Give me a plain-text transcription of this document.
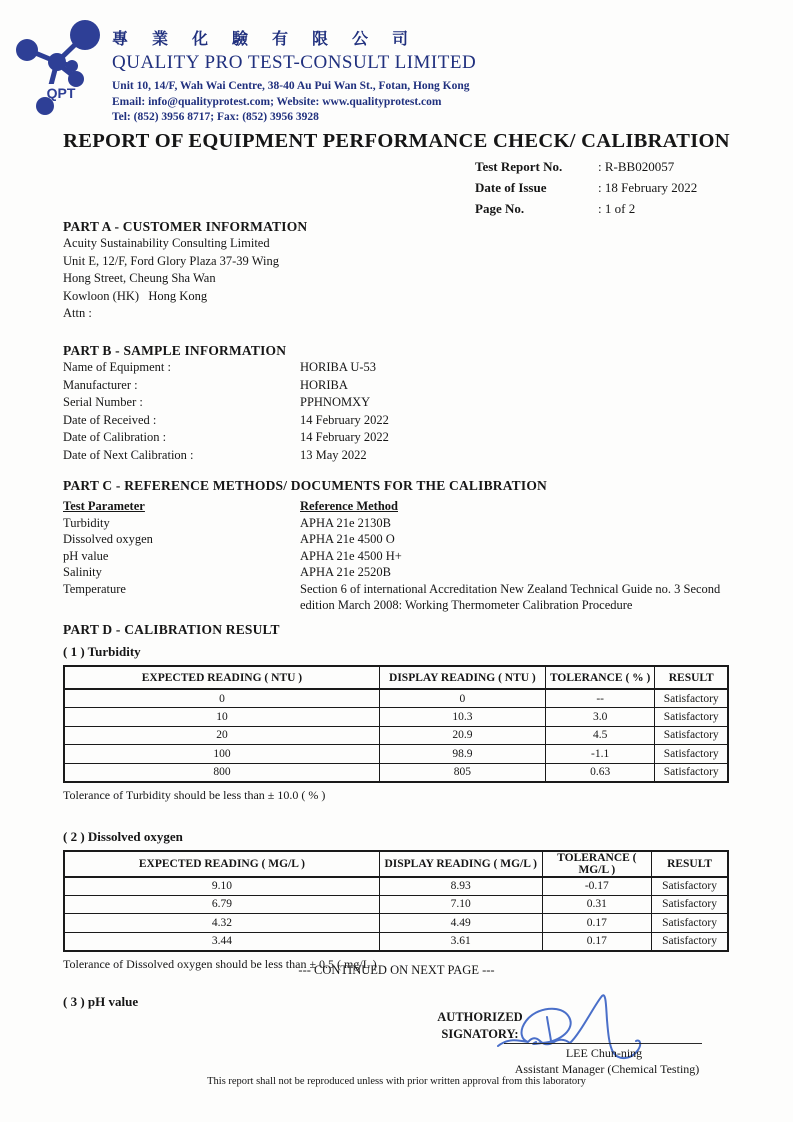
QPT
專 業 化 驗 有 限 公 司
QUALITY PRO TEST-CONSULT LIMITED
Unit 10, 14/F, Wah Wai Centre, 38-40 Au Pui Wan St., Fotan, Hong Kong
Email: info@qualityprotest.com; Website: www.qualityprotest.com
Tel: (852) 3956 8717; Fax: (852) 3956 3928
REPORT OF EQUIPMENT PERFORMANCE CHECK/ CALIBRATION
Test Report No.	: R-BB020057
Date of Issue	: 18 February 2022
Page No.	: 1 of 2
PART A - CUSTOMER INFORMATION
Acuity Sustainability Consulting Limited
Unit E, 12/F, Ford Glory Plaza 37-39 Wing
Hong Street, Cheung Sha Wan
Kowloon (HK)   Hong Kong
Attn :
PART B - SAMPLE INFORMATION
Name of Equipment :	HORIBA U-53
Manufacturer :	HORIBA
Serial Number :	PPHNOMXY
Date of Received :	14 February 2022
Date of Calibration :	14 February 2022
Date of Next Calibration :	13 May 2022
PART C - REFERENCE METHODS/ DOCUMENTS FOR THE CALIBRATION
Test Parameter	Reference Method
Turbidity	APHA 21e 2130B
Dissolved oxygen	APHA 21e 4500 O
pH value	APHA 21e 4500 H+
Salinity	APHA 21e 2520B
Temperature	Section 6 of international Accreditation New Zealand Technical Guide no. 3 Second edition March 2008: Working Thermometer Calibration Procedure
PART D - CALIBRATION RESULT
( 1 ) Turbidity
EXPECTED READING ( NTU )	DISPLAY READING ( NTU )	TOLERANCE ( % )	RESULT
0	0	--	Satisfactory
10	10.3	3.0	Satisfactory
20	20.9	4.5	Satisfactory
100	98.9	-1.1	Satisfactory
800	805	0.63	Satisfactory
Tolerance of Turbidity should be less than ± 10.0 ( % )
( 2 ) Dissolved oxygen
EXPECTED READING ( MG/L )	DISPLAY READING ( MG/L )	TOLERANCE ( MG/L )	RESULT
9.10	8.93	-0.17	Satisfactory
6.79	7.10	0.31	Satisfactory
4.32	4.49	0.17	Satisfactory
3.44	3.61	0.17	Satisfactory
Tolerance of Dissolved oxygen should be less than ± 0.5 ( mg/L )
( 3 ) pH value
--- CONTINUED ON NEXT PAGE ---
AUTHORIZED
SIGNATORY:
LEE Chun-ning
Assistant Manager (Chemical Testing)
This report shall not be reproduced unless with prior written approval from this laboratory
